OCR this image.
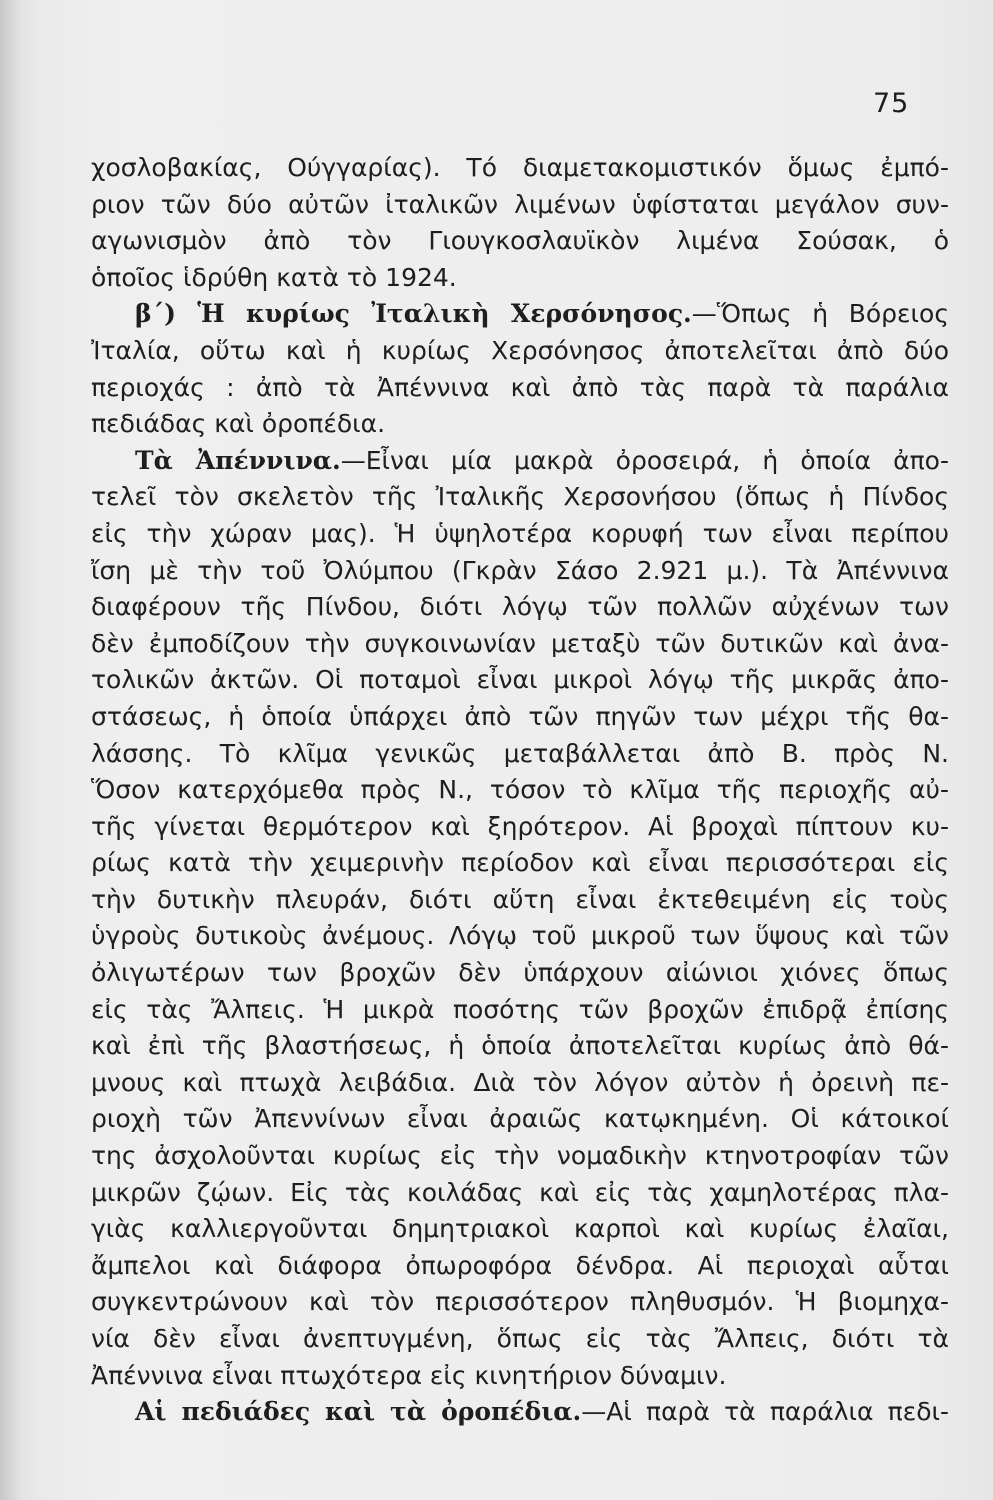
75
χοσλοβακίας, Ούγγαρίας). Τό διαμετακομιστικόν ὅμως ἐμπό-
ριον τῶν δύο αὐτῶν ἰταλικῶν λιμένων ὑφίσταται μεγάλον συν-
αγωνισμὸν ἀπὸ τὸν Γιουγκοσλαυϊκὸν λιμένα Σούσακ, ὁ
ὁποῖος ἱδρύθη κατὰ τὸ 1924.
β΄) Ἡ κυρίως Ἰταλικὴ Χερσόνησος.—Ὅπως ἡ Βόρειος
Ἰταλία, οὕτω καὶ ἡ κυρίως Χερσόνησος ἀποτελεῖται ἀπὸ δύο
περιοχάς : ἀπὸ τὰ Ἀπέννινα καὶ ἀπὸ τὰς παρὰ τὰ παράλια
πεδιάδας καὶ ὀροπέδια.
Τὰ Ἀπέννινα.—Εἶναι μία μακρὰ ὀροσειρά, ἡ ὁποία ἀπο-
τελεῖ τὸν σκελετὸν τῆς Ἰταλικῆς Χερσονήσου (ὅπως ἡ Πίνδος
εἰς τὴν χώραν μας). Ἡ ὑψηλοτέρα κορυφή των εἶναι περίπου
ἴση μὲ τὴν τοῦ Ὀλύμπου (Γκρὰν Σάσο 2.921 μ.). Τὰ Ἀπέννινα
διαφέρουν τῆς Πίνδου, διότι λόγῳ τῶν πολλῶν αὐχένων των
δὲν ἐμποδίζουν τὴν συγκοινωνίαν μεταξὺ τῶν δυτικῶν καὶ ἀνα-
τολικῶν ἀκτῶν. Οἱ ποταμοὶ εἶναι μικροὶ λόγῳ τῆς μικρᾶς ἀπο-
στάσεως, ἡ ὁποία ὑπάρχει ἀπὸ τῶν πηγῶν των μέχρι τῆς θα-
λάσσης. Τὸ κλῖμα γενικῶς μεταβάλλεται ἀπὸ Β. πρὸς Ν.
Ὅσον κατερχόμεθα πρὸς Ν., τόσον τὸ κλῖμα τῆς περιοχῆς αὐ-
τῆς γίνεται θερμότερον καὶ ξηρότερον. Αἱ βροχαὶ πίπτουν κυ-
ρίως κατὰ τὴν χειμερινὴν περίοδον καὶ εἶναι περισσότεραι εἰς
τὴν δυτικὴν πλευράν, διότι αὕτη εἶναι ἐκτεθειμένη εἰς τοὺς
ὑγροὺς δυτικοὺς ἀνέμους. Λόγῳ τοῦ μικροῦ των ὕψους καὶ τῶν
ὀλιγωτέρων των βροχῶν δὲν ὑπάρχουν αἰώνιοι χιόνες ὅπως
εἰς τὰς Ἄλπεις. Ἡ μικρὰ ποσότης τῶν βροχῶν ἐπιδρᾷ ἐπίσης
καὶ ἐπὶ τῆς βλαστήσεως, ἡ ὁποία ἀποτελεῖται κυρίως ἀπὸ θά-
μνους καὶ πτωχὰ λειβάδια. Διὰ τὸν λόγον αὐτὸν ἡ ὀρεινὴ πε-
ριοχὴ τῶν Ἀπεννίνων εἶναι ἀραιῶς κατῳκημένη. Οἱ κάτοικοί
της ἀσχολοῦνται κυρίως εἰς τὴν νομαδικὴν κτηνοτροφίαν τῶν
μικρῶν ζῴων. Εἰς τὰς κοιλάδας καὶ εἰς τὰς χαμηλοτέρας πλα-
γιὰς καλλιεργοῦνται δημητριακοὶ καρποὶ καὶ κυρίως ἐλαῖαι,
ἄμπελοι καὶ διάφορα ὀπωροφόρα δένδρα. Αἱ περιοχαὶ αὗται
συγκεντρώνουν καὶ τὸν περισσότερον πληθυσμόν. Ἡ βιομηχα-
νία δὲν εἶναι ἀνεπτυγμένη, ὅπως εἰς τὰς Ἄλπεις, διότι τὰ
Ἀπέννινα εἶναι πτωχότερα εἰς κινητήριον δύναμιν.
Αἱ πεδιάδες καὶ τὰ ὀροπέδια.—Αἱ παρὰ τὰ παράλια πεδι-
